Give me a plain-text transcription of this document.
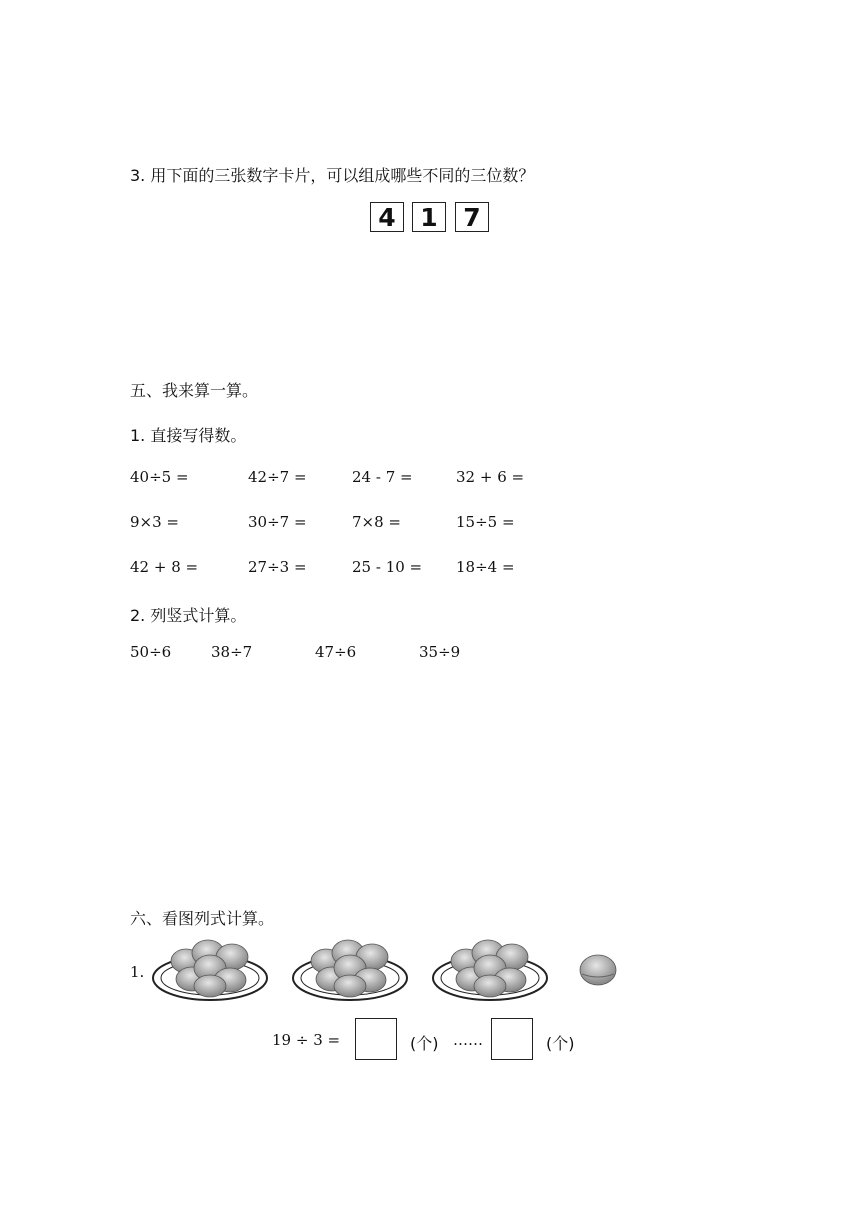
3. 用下面的三张数字卡片，可以组成哪些不同的三位数？
4 1	7
五、我来算一算。
1. 直接写得数。
40÷5 =	42÷7 =	24 - 7 =	32 + 6 =
9×3 =	30÷7 =	7×8 =	15÷5 =
42 + 8 =	27÷3 =	25 - 10 = 18÷4 =
2. 列竖式计算。
50÷6	38÷7	47÷6	35÷9
六、看图列式计算。
1.
19 ÷ 3 =	(个) ……	(个)
